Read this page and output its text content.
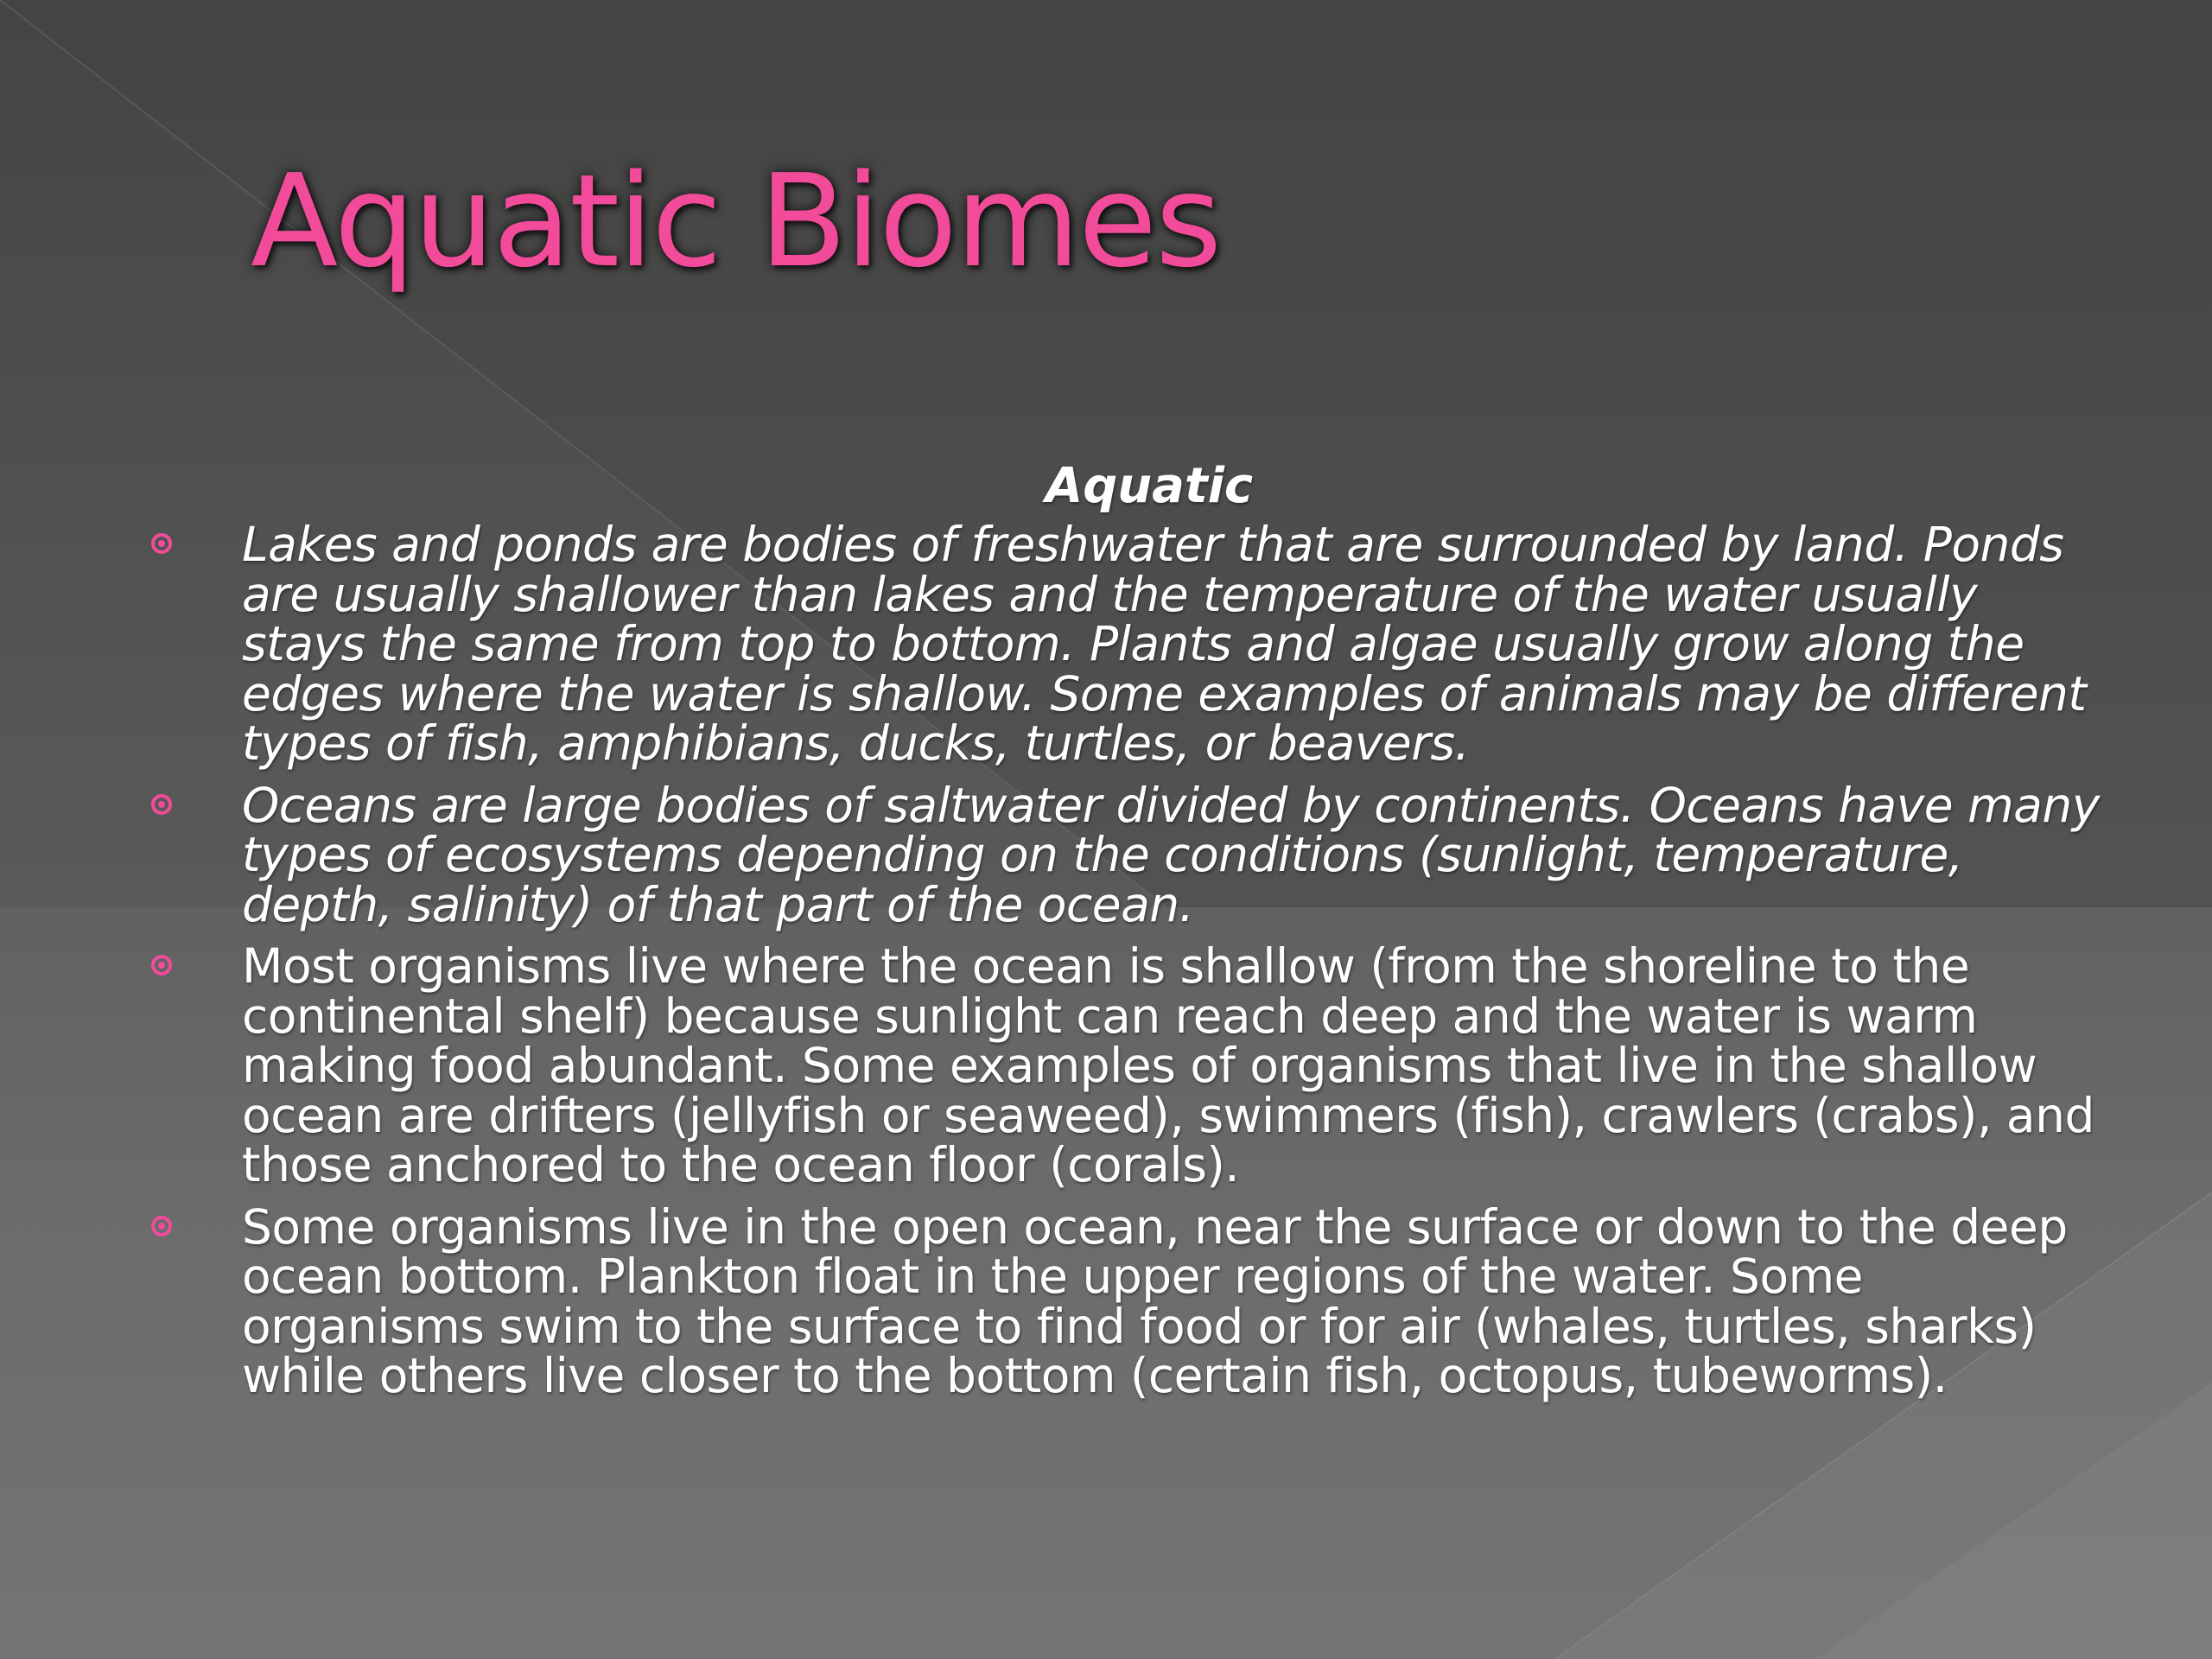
Aquatic Biomes
Aquatic
Lakes and ponds are bodies of freshwater that are surrounded by land. Ponds are usually shallower than lakes and the temperature of the water usually stays the same from top to bottom. Plants and algae usually grow along the edges where the water is shallow. Some examples of animals may be different types of fish, amphibians, ducks, turtles, or beavers.
Oceans are large bodies of saltwater divided by continents. Oceans have many types of ecosystems depending on the conditions (sunlight, temperature, depth, salinity) of that part of the ocean.
Most organisms live where the ocean is shallow (from the shoreline to the continental shelf) because sunlight can reach deep and the water is warm making food abundant. Some examples of organisms that live in the shallow ocean are drifters (jellyfish or seaweed), swimmers (fish), crawlers (crabs), and those anchored to the ocean floor (corals).
Some organisms live in the open ocean, near the surface or down to the deep ocean bottom. Plankton float in the upper regions of the water. Some organisms swim to the surface to find food or for air (whales, turtles, sharks) while others live closer to the bottom (certain fish, octopus, tubeworms).
